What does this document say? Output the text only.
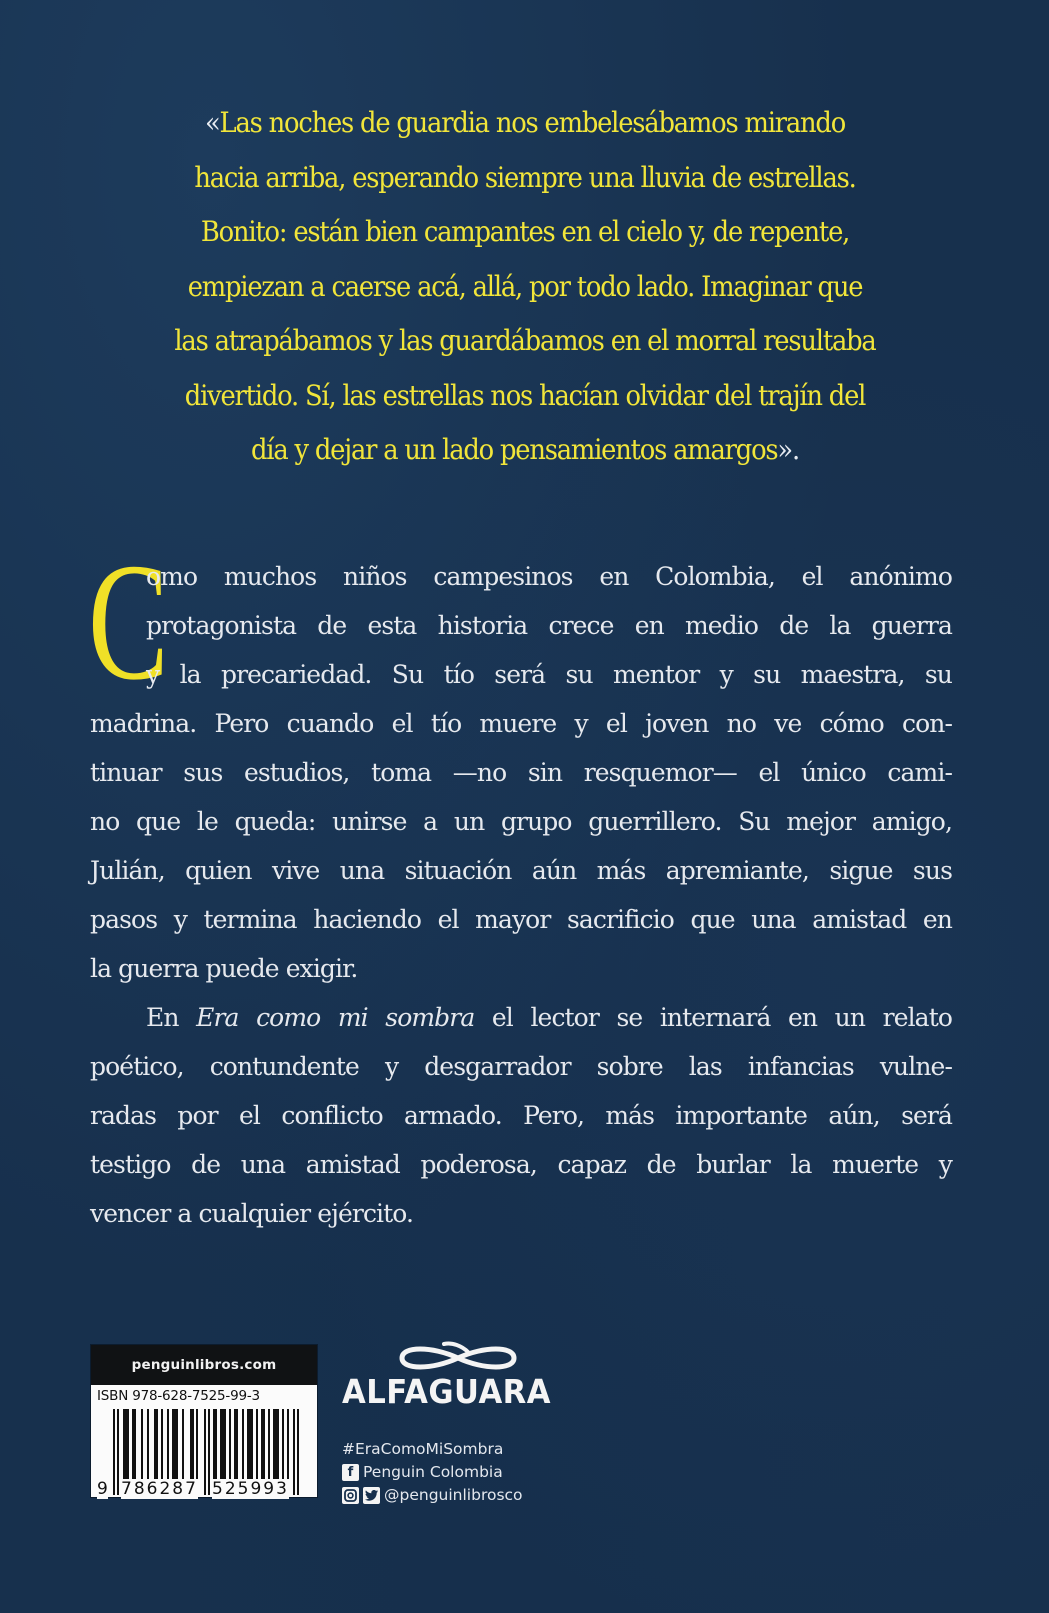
«Las noches de guardia nos embelesábamos mirando
hacia arriba, esperando siempre una lluvia de estrellas.
Bonito: están bien campantes en el cielo y, de repente,
empiezan a caerse acá, allá, por todo lado. Imaginar que
las atrapábamos y las guardábamos en el morral resultaba
divertido. Sí, las estrellas nos hacían olvidar del trajín del
día y dejar a un lado pensamientos amargos».
C
omo muchos niños campesinos en Colombia, el anónimo
protagonista de esta historia crece en medio de la guerra
y la precariedad. Su tío será su mentor y su maestra, su
madrina. Pero cuando el tío muere y el joven no ve cómo con-
tinuar sus estudios, toma —no sin resquemor— el único cami-
no que le queda: unirse a un grupo guerrillero. Su mejor amigo,
Julián, quien vive una situación aún más apremiante, sigue sus
pasos y termina haciendo el mayor sacrificio que una amistad en
la guerra puede exigir.
En Era como mi sombra el lector se internará en un relato
poético, contundente y desgarrador sobre las infancias vulne-
radas por el conflicto armado. Pero, más importante aún, será
testigo de una amistad poderosa, capaz de burlar la muerte y
vencer a cualquier ejército.
penguinlibros.com
ISBN 978-628-7525-99-3
9 786287 525993
ALFAGUARA
#EraComoMiSombra
f Penguin Colombia
@penguinlibrosco
